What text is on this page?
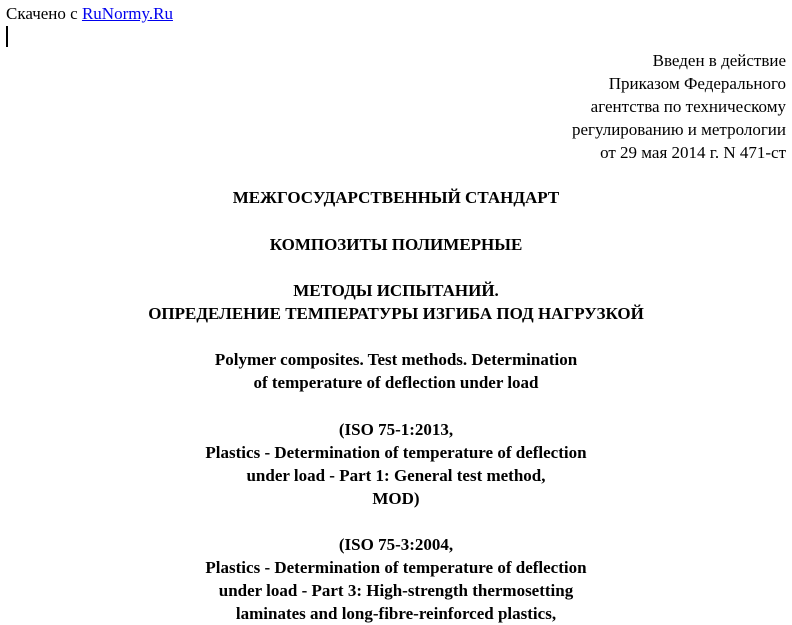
Скачено с RuNormy.Ru
Введен в действие
Приказом Федерального
агентства по техническому
регулированию и метрологии
от 29 мая 2014 г. N 471-ст
МЕЖГОСУДАРСТВЕННЫЙ СТАНДАРТ
КОМПОЗИТЫ ПОЛИМЕРНЫЕ
МЕТОДЫ ИСПЫТАНИЙ.
ОПРЕДЕЛЕНИЕ ТЕМПЕРАТУРЫ ИЗГИБА ПОД НАГРУЗКОЙ
Polymer composites. Test methods. Determination
of temperature of deflection under load
(ISO 75-1:2013,
Plastics - Determination of temperature of deflection
under load - Part 1: General test method,
MOD)
(ISO 75-3:2004,
Plastics - Determination of temperature of deflection
under load - Part 3: High-strength thermosetting
laminates and long-fibre-reinforced plastics,
